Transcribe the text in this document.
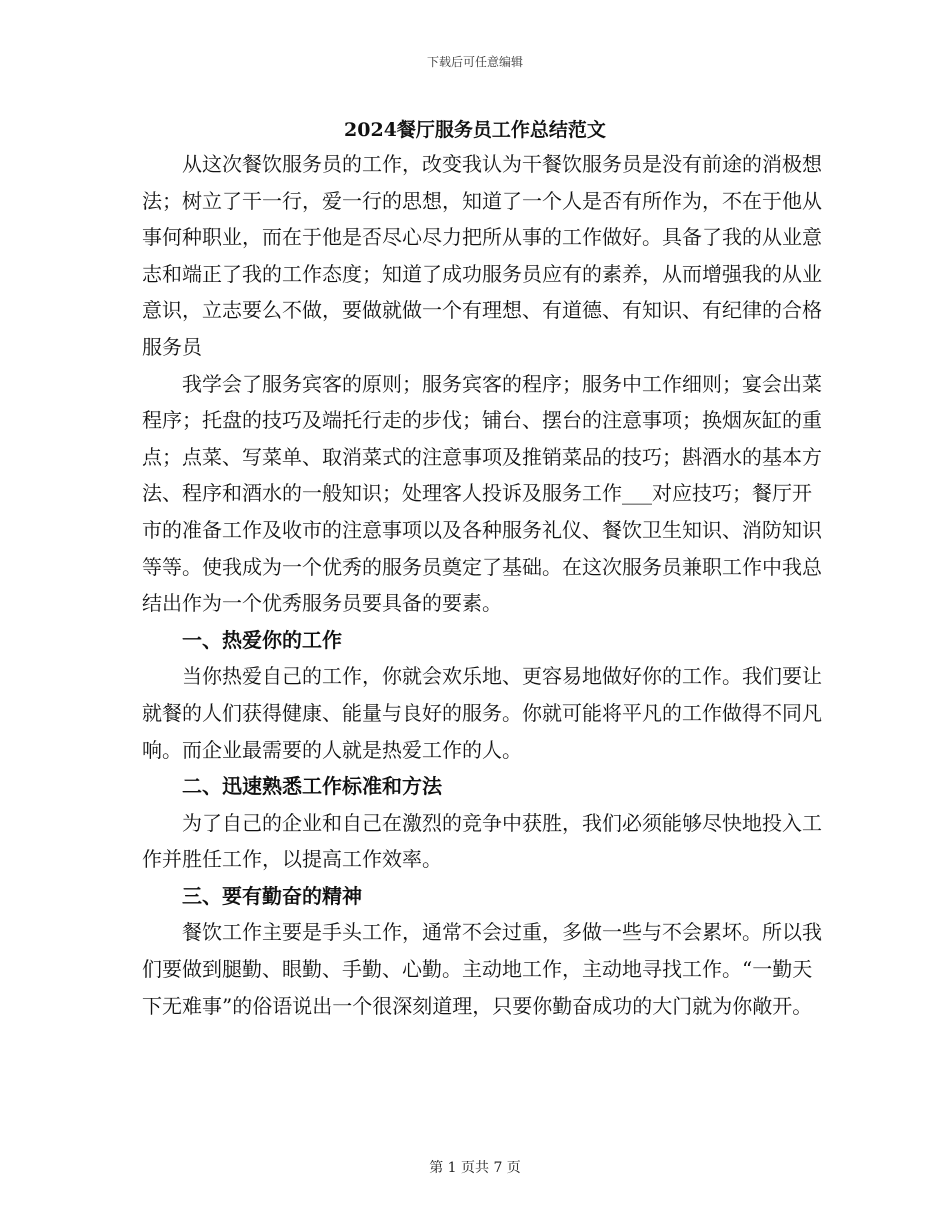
下载后可任意编辑
2024餐厅服务员工作总结范文

从这次餐饮服务员的工作，改变我认为干餐饮服务员是没有前途的消极想法；树立了干一行，爱一行的思想，知道了一个人是否有所作为，不在于他从事何种职业，而在于他是否尽心尽力把所从事的工作做好。具备了我的从业意志和端正了我的工作态度；知道了成功服务员应有的素养，从而增强我的从业意识，立志要么不做，要做就做一个有理想、有道德、有知识、有纪律的合格服务员

我学会了服务宾客的原则；服务宾客的程序；服务中工作细则；宴会出菜程序；托盘的技巧及端托行走的步伐；铺台、摆台的注意事项；换烟灰缸的重点；点菜、写菜单、取消菜式的注意事项及推销菜品的技巧；斟酒水的基本方法、程序和酒水的一般知识；处理客人投诉及服务工作___对应技巧；餐厅开市的准备工作及收市的注意事项以及各种服务礼仪、餐饮卫生知识、消防知识等等。使我成为一个优秀的服务员奠定了基础。在这次服务员兼职工作中我总结出作为一个优秀服务员要具备的要素。

一、热爱你的工作

当你热爱自己的工作，你就会欢乐地、更容易地做好你的工作。我们要让就餐的人们获得健康、能量与良好的服务。你就可能将平凡的工作做得不同凡响。而企业最需要的人就是热爱工作的人。

二、迅速熟悉工作标准和方法

为了自己的企业和自己在激烈的竞争中获胜，我们必须能够尽快地投入工作并胜任工作，以提高工作效率。

三、要有勤奋的精神

餐饮工作主要是手头工作，通常不会过重，多做一些与不会累坏。所以我们要做到腿勤、眼勤、手勤、心勤。主动地工作，主动地寻找工作。“一勤天下无难事”的俗语说出一个很深刻道理，只要你勤奋成功的大门就为你敞开。

第 1 页共 7 页
